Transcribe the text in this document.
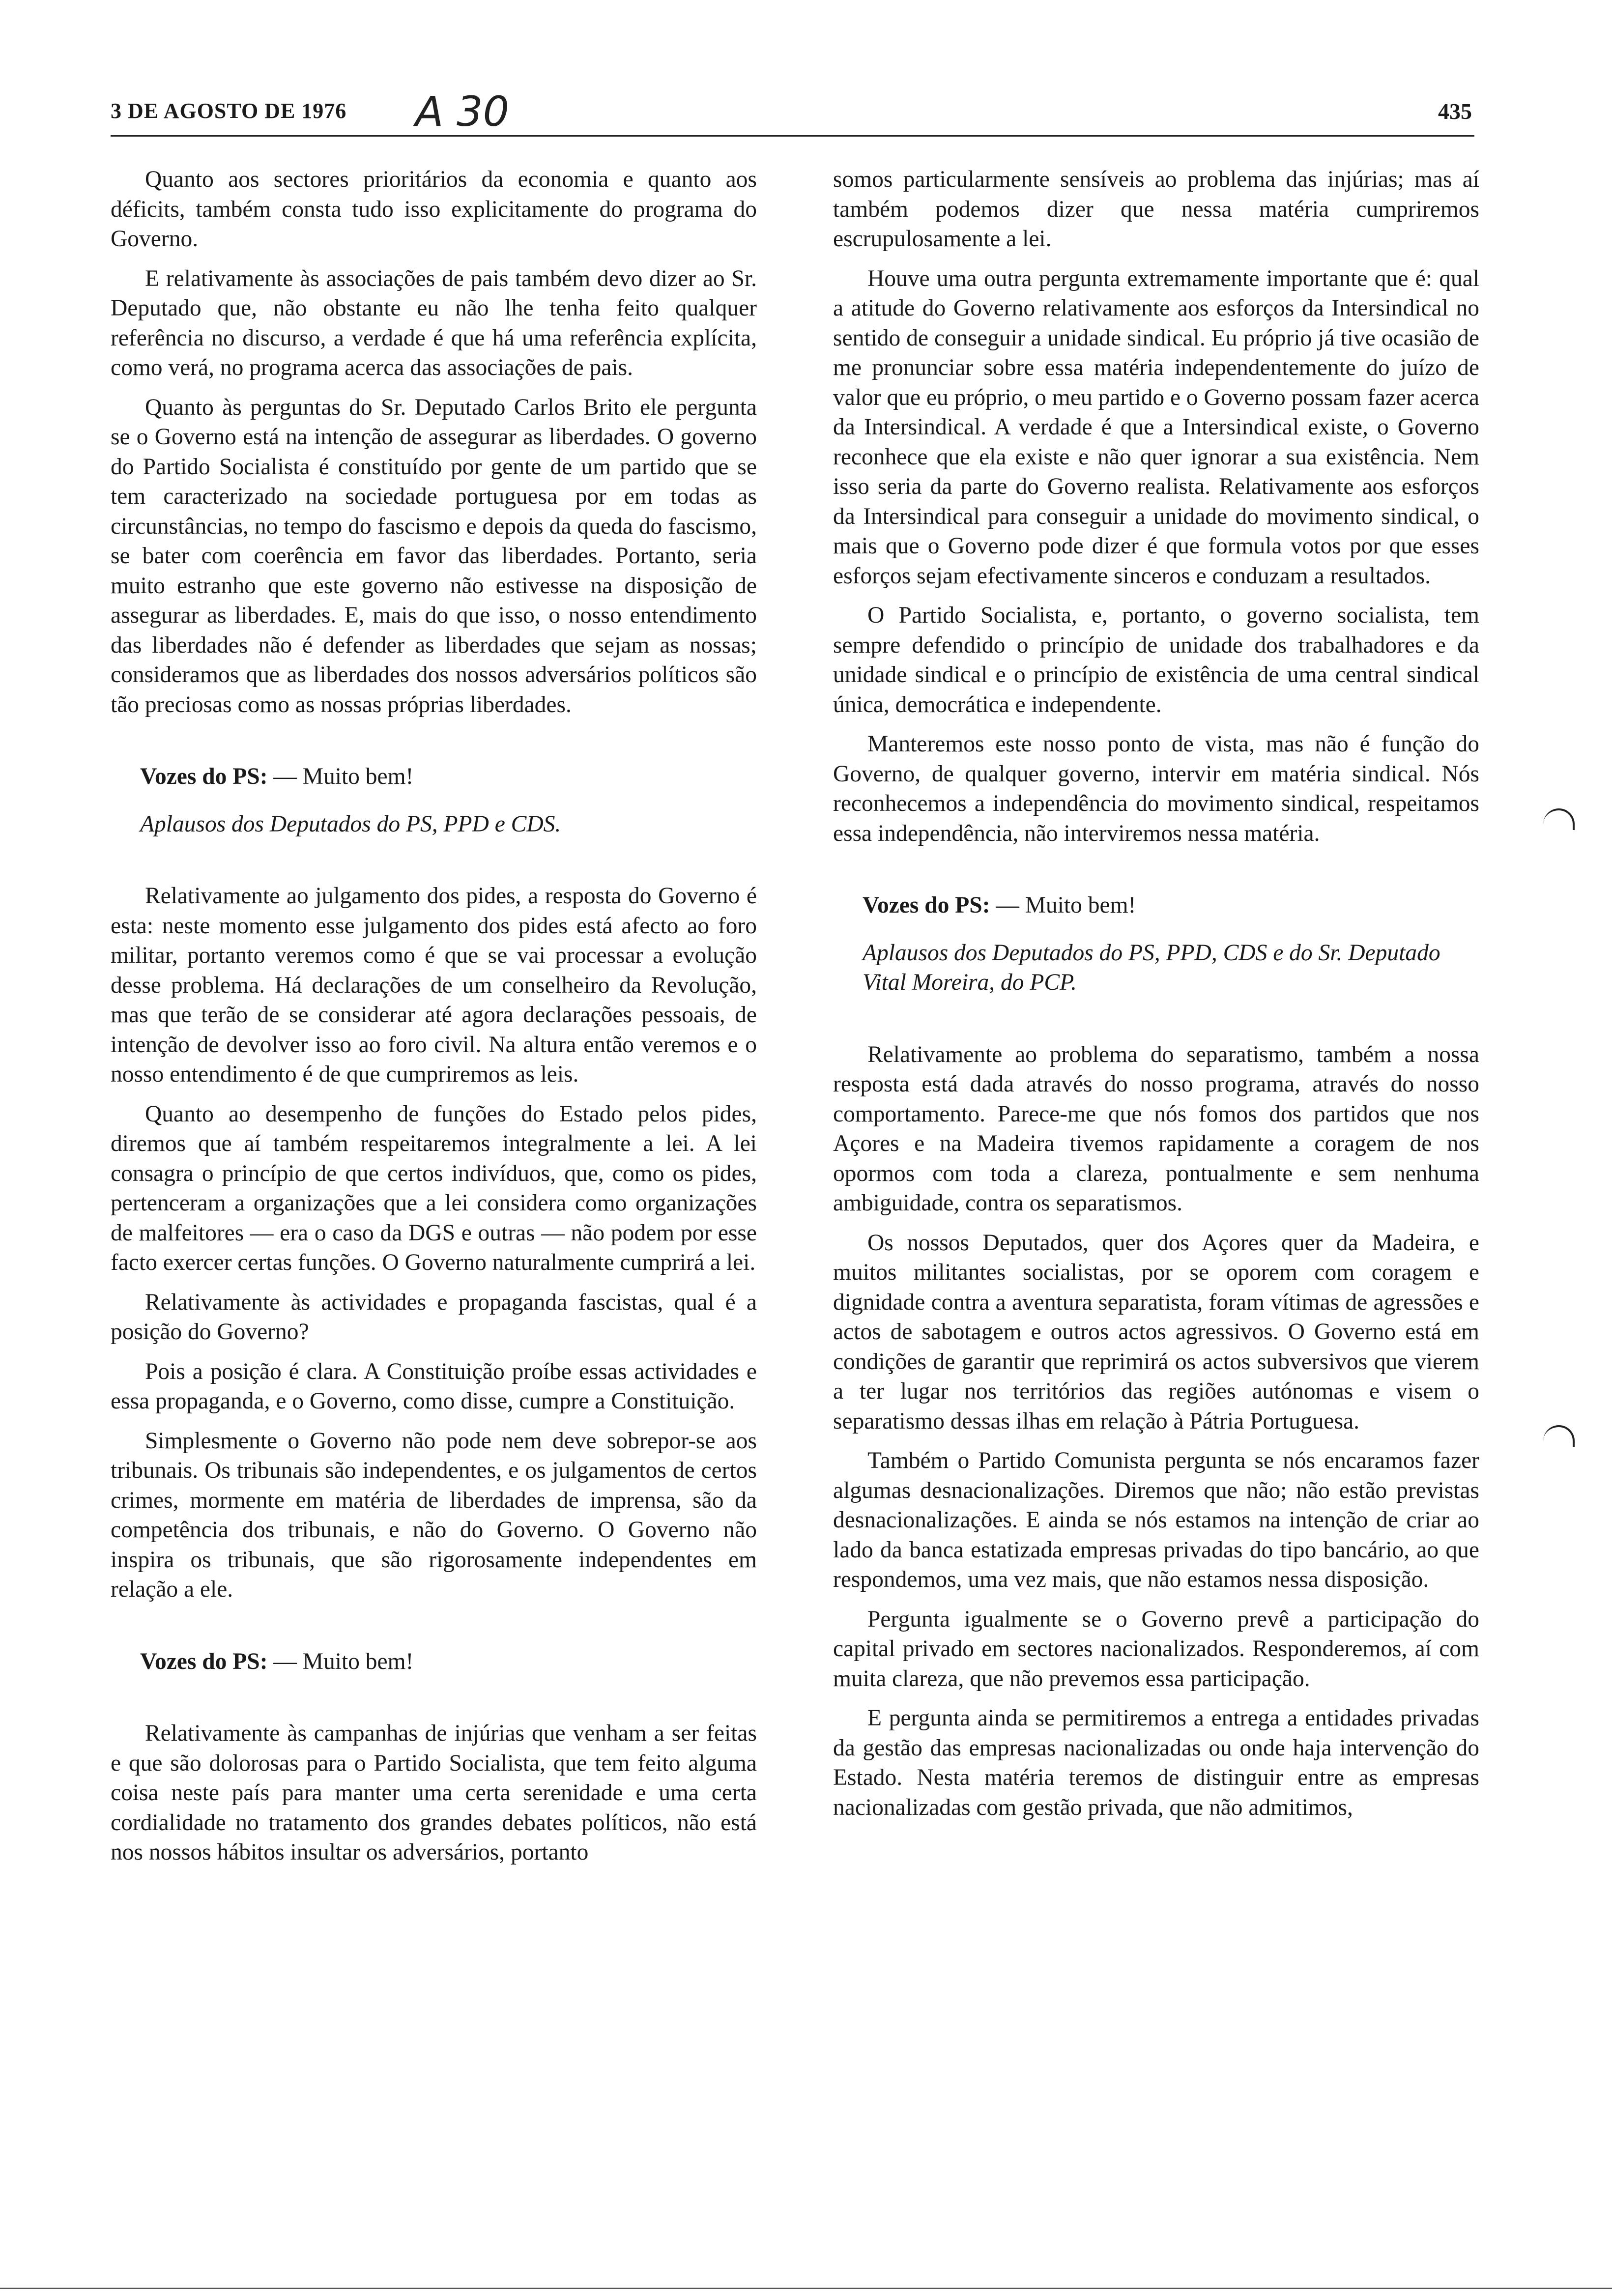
3 DE AGOSTO DE 1976 A 30	435

Quanto aos sectores prioritários da economia e quanto aos déficits, também consta tudo isso explicitamente do programa do Governo.

E relativamente às associações de pais também devo dizer ao Sr. Deputado que, não obstante eu não lhe tenha feito qualquer referência no discurso, a verdade é que há uma referência explícita, como verá, no programa acerca das associações de pais.

Quanto às perguntas do Sr. Deputado Carlos Brito ele pergunta se o Governo está na intenção de assegurar as liberdades. O governo do Partido Socialista é constituído por gente de um partido que se tem caracterizado na sociedade portuguesa por em todas as circunstâncias, no tempo do fascismo e depois da queda do fascismo, se bater com coerência em favor das liberdades. Portanto, seria muito estranho que este governo não estivesse na disposição de assegurar as liberdades. E, mais do que isso, o nosso entendimento das liberdades não é defender as liberdades que sejam as nossas; consideramos que as liberdades dos nossos adversários políticos são tão preciosas como as nossas próprias liberdades.

Vozes do PS: — Muito bem!

Aplausos dos Deputados do PS, PPD e CDS.

Relativamente ao julgamento dos pides, a resposta do Governo é esta: neste momento esse julgamento dos pides está afecto ao foro militar, portanto veremos como é que se vai processar a evolução desse problema. Há declarações de um conselheiro da Revolução, mas que terão de se considerar até agora declarações pessoais, de intenção de devolver isso ao foro civil. Na altura então veremos e o nosso entendimento é de que cumpriremos as leis.

Quanto ao desempenho de funções do Estado pelos pides, diremos que aí também respeitaremos integralmente a lei. A lei consagra o princípio de que certos indivíduos, que, como os pides, pertenceram a organizações que a lei considera como organizações de malfeitores — era o caso da DGS e outras — não podem por esse facto exercer certas funções. O Governo naturalmente cumprirá a lei.

Relativamente às actividades e propaganda fascistas, qual é a posição do Governo?

Pois a posição é clara. A Constituição proíbe essas actividades e essa propaganda, e o Governo, como disse, cumpre a Constituição.

Simplesmente o Governo não pode nem deve sobrepor-se aos tribunais. Os tribunais são independentes, e os julgamentos de certos crimes, mormente em matéria de liberdades de imprensa, são da competência dos tribunais, e não do Governo. O Governo não inspira os tribunais, que são rigorosamente independentes em relação a ele.

Vozes do PS: — Muito bem!

Relativamente às campanhas de injúrias que venham a ser feitas e que são dolorosas para o Partido Socialista, que tem feito alguma coisa neste país para manter uma certa serenidade e uma certa cordialidade no tratamento dos grandes debates políticos, não está nos nossos hábitos insultar os adversários, portanto

somos particularmente sensíveis ao problema das injúrias; mas aí também podemos dizer que nessa matéria cumpriremos escrupulosamente a lei.

Houve uma outra pergunta extremamente importante que é: qual a atitude do Governo relativamente aos esforços da Intersindical no sentido de conseguir a unidade sindical. Eu próprio já tive ocasião de me pronunciar sobre essa matéria independentemente do juízo de valor que eu próprio, o meu partido e o Governo possam fazer acerca da Intersindical. A verdade é que a Intersindical existe, o Governo reconhece que ela existe e não quer ignorar a sua existência. Nem isso seria da parte do Governo realista. Relativamente aos esforços da Intersindical para conseguir a unidade do movimento sindical, o mais que o Governo pode dizer é que formula votos por que esses esforços sejam efectivamente sinceros e conduzam a resultados.

O Partido Socialista, e, portanto, o governo socialista, tem sempre defendido o princípio de unidade dos trabalhadores e da unidade sindical e o princípio de existência de uma central sindical única, democrática e independente.

Manteremos este nosso ponto de vista, mas não é função do Governo, de qualquer governo, intervir em matéria sindical. Nós reconhecemos a independência do movimento sindical, respeitamos essa independência, não interviremos nessa matéria.

Vozes do PS: — Muito bem!

Aplausos dos Deputados do PS, PPD, CDS e do Sr. Deputado Vital Moreira, do PCP.

Relativamente ao problema do separatismo, também a nossa resposta está dada através do nosso programa, através do nosso comportamento. Parece-me que nós fomos dos partidos que nos Açores e na Madeira tivemos rapidamente a coragem de nos opormos com toda a clareza, pontualmente e sem nenhuma ambiguidade, contra os separatismos.

Os nossos Deputados, quer dos Açores quer da Madeira, e muitos militantes socialistas, por se oporem com coragem e dignidade contra a aventura separatista, foram vítimas de agressões e actos de sabotagem e outros actos agressivos. O Governo está em condições de garantir que reprimirá os actos subversivos que vierem a ter lugar nos territórios das regiões autónomas e visem o separatismo dessas ilhas em relação à Pátria Portuguesa.

Também o Partido Comunista pergunta se nós encaramos fazer algumas desnacionalizações. Diremos que não; não estão previstas desnacionalizações. E ainda se nós estamos na intenção de criar ao lado da banca estatizada empresas privadas do tipo bancário, ao que respondemos, uma vez mais, que não estamos nessa disposição.

Pergunta igualmente se o Governo prevê a participação do capital privado em sectores nacionalizados. Responderemos, aí com muita clareza, que não prevemos essa participação.

E pergunta ainda se permitiremos a entrega a entidades privadas da gestão das empresas nacionalizadas ou onde haja intervenção do Estado. Nesta matéria teremos de distinguir entre as empresas nacionalizadas com gestão privada, que não admitimos,
